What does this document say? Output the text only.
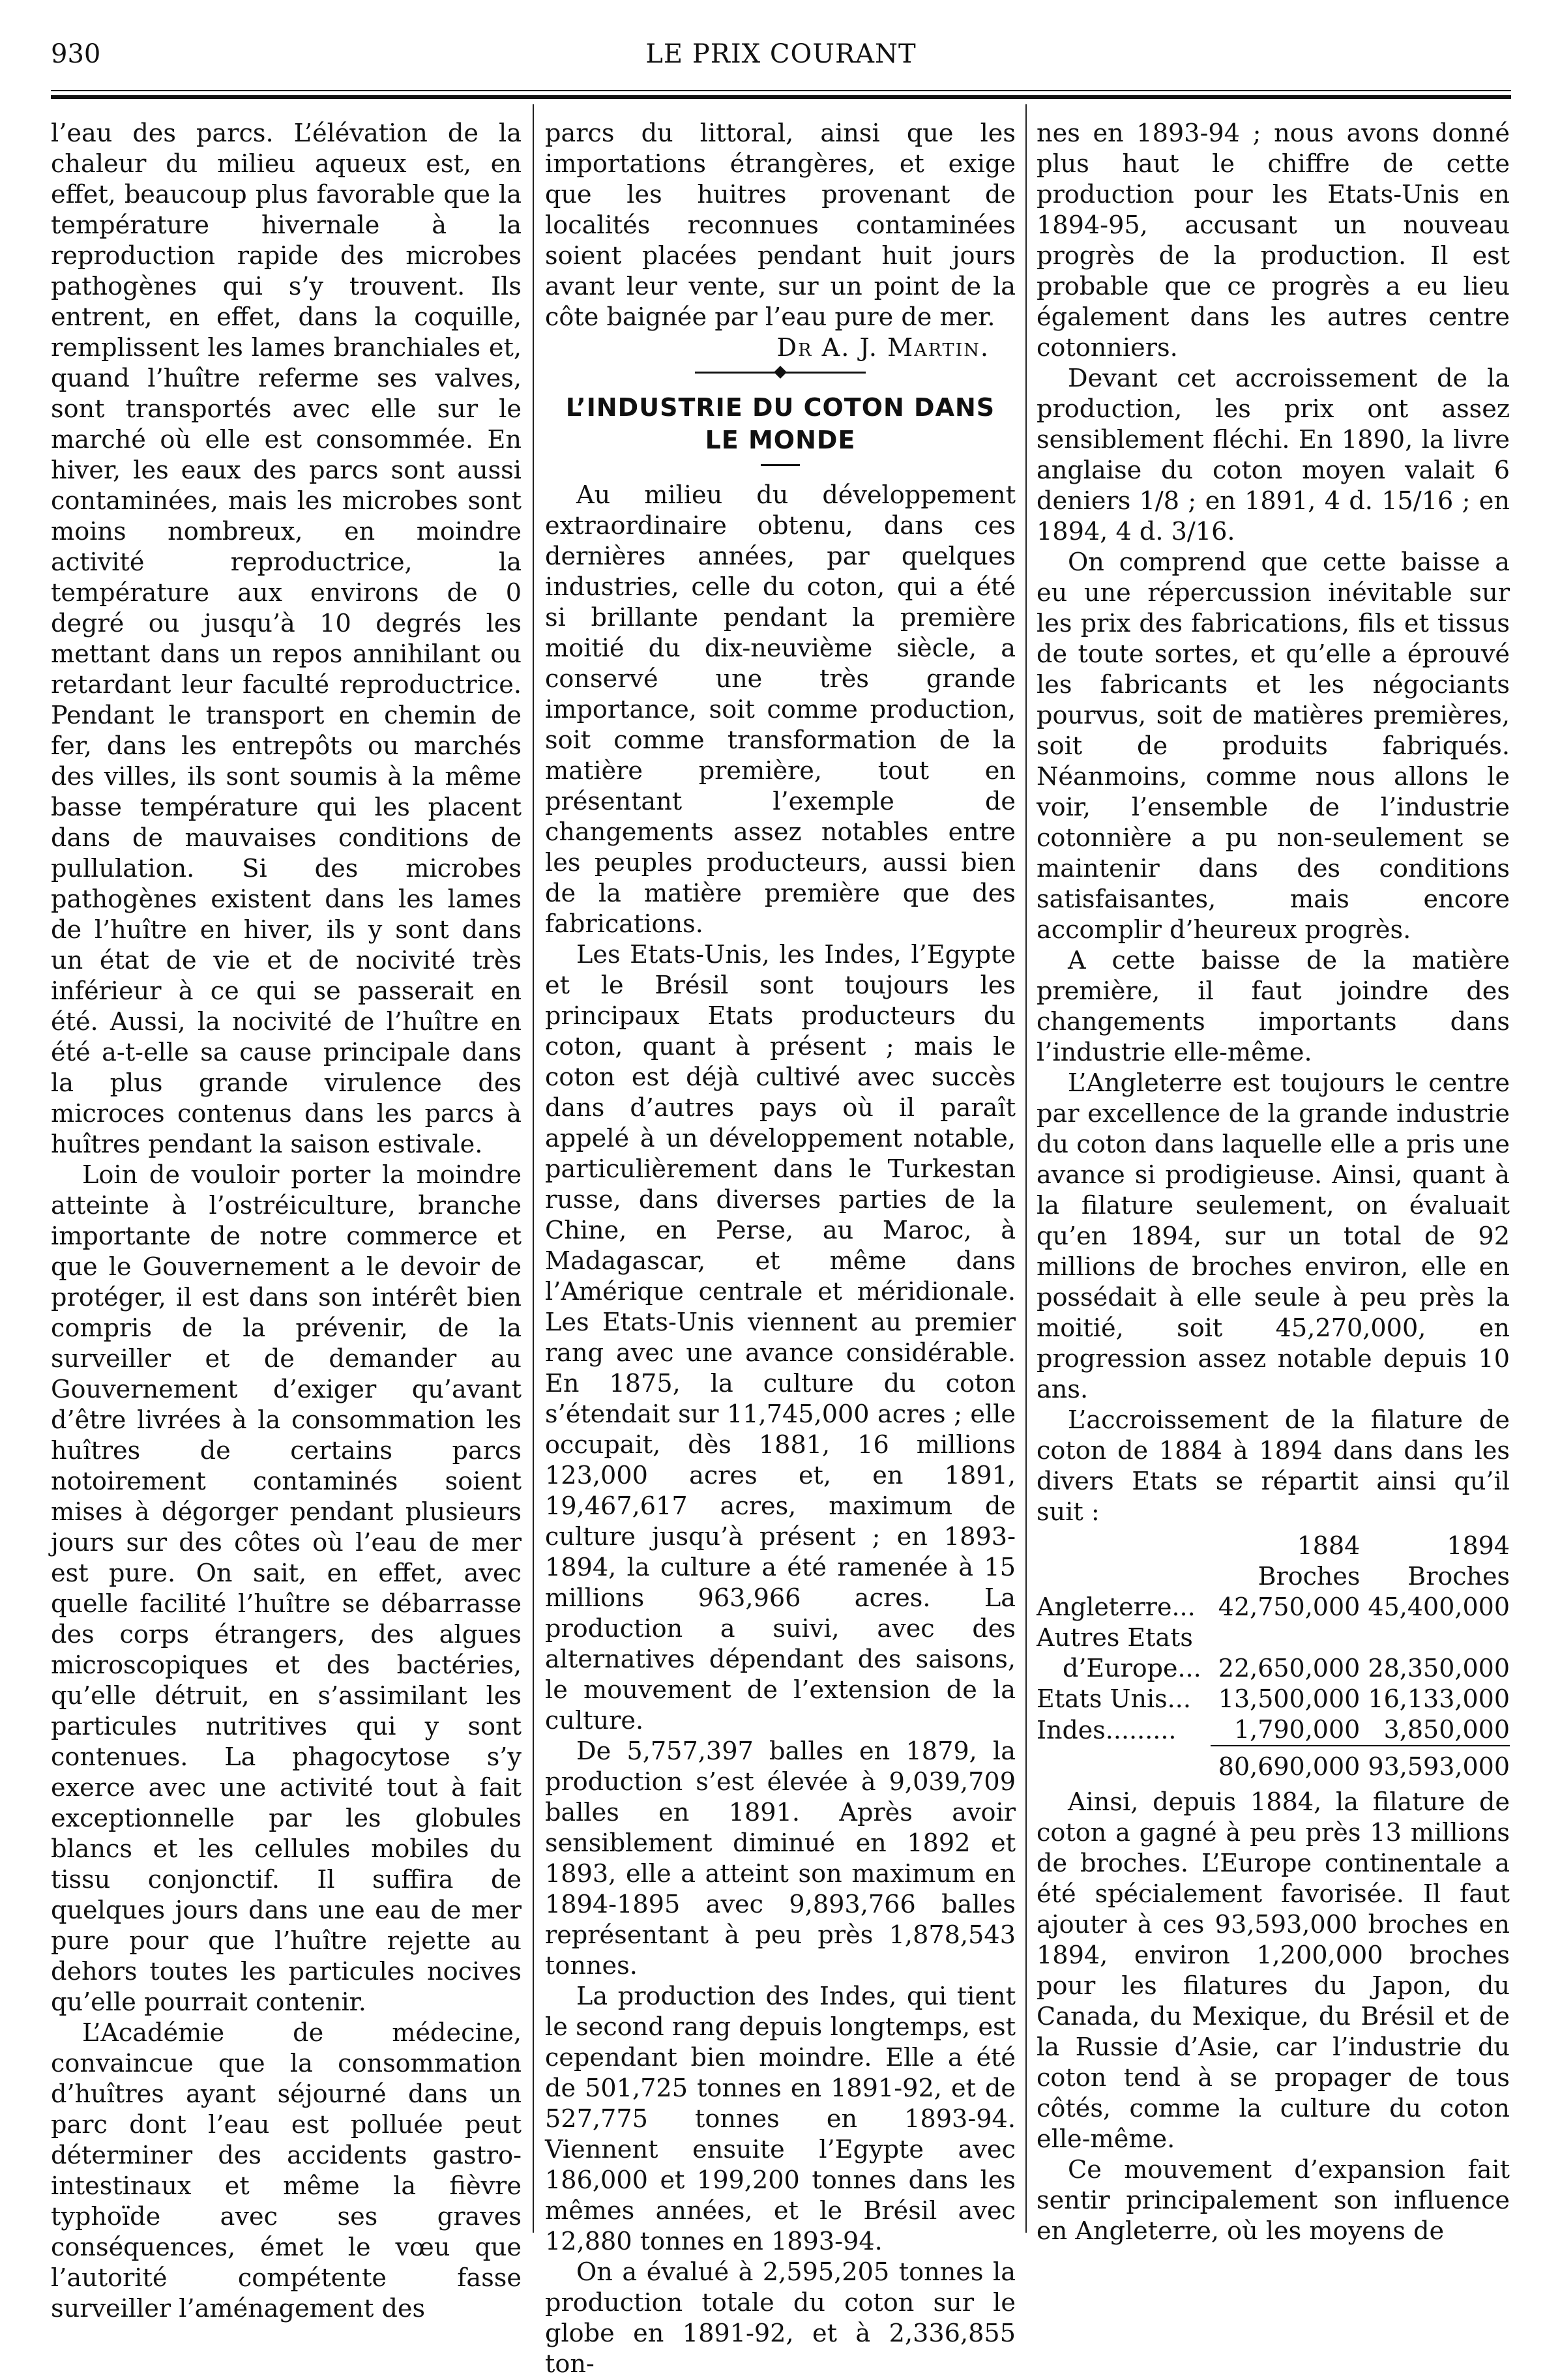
930	LE PRIX COURANT

l’eau des parcs. L’élévation de la chaleur du milieu aqueux est, en effet, beaucoup plus favorable que la température hivernale à la reproduction rapide des microbes pathogènes qui s’y trouvent. Ils entrent, en effet, dans la coquille, remplissent les lames branchiales et, quand l’huître referme ses valves, sont transportés avec elle sur le marché où elle est consommée. En hiver, les eaux des parcs sont aussi contaminées, mais les microbes sont moins nombreux, en moindre activité reproductrice, la température aux environs de 0 degré ou jusqu’à 10 degrés les mettant dans un repos annihilant ou retardant leur faculté reproductrice. Pendant le transport en chemin de fer, dans les entrepôts ou marchés des villes, ils sont soumis à la même basse température qui les placent dans de mauvaises conditions de pullulation. Si des microbes pathogènes existent dans les lames de l’huître en hiver, ils y sont dans un état de vie et de nocivité très inférieur à ce qui se passerait en été. Aussi, la nocivité de l’huître en été a-t-elle sa cause principale dans la plus grande virulence des microces contenus dans les parcs à huîtres pendant la saison estivale.

Loin de vouloir porter la moindre atteinte à l’ostréiculture, branche importante de notre commerce et que le Gouvernement a le devoir de protéger, il est dans son intérêt bien compris de la prévenir, de la surveiller et de demander au Gouvernement d’exiger qu’avant d’être livrées à la consommation les huîtres de certains parcs notoirement contaminés soient mises à dégorger pendant plusieurs jours sur des côtes où l’eau de mer est pure. On sait, en effet, avec quelle facilité l’huître se débarrasse des corps étrangers, des algues microscopiques et des bactéries, qu’elle détruit, en s’assimilant les particules nutritives qui y sont contenues. La phagocytose s’y exerce avec une activité tout à fait exceptionnelle par les globules blancs et les cellules mobiles du tissu conjonctif. Il suffira de quelques jours dans une eau de mer pure pour que l’huître rejette au dehors toutes les particules nocives qu’elle pourrait contenir.

L’Académie de médecine, convaincue que la consommation d’huîtres ayant séjourné dans un parc dont l’eau est polluée peut déterminer des accidents gastro-intestinaux et même la fièvre typhoïde avec ses graves conséquences, émet le vœu que l’autorité compétente fasse surveiller l’aménagement des

parcs du littoral, ainsi que les importations étrangères, et exige que les huitres provenant de localités reconnues contaminées soient placées pendant huit jours avant leur vente, sur un point de la côte baignée par l’eau pure de mer.

Dr A. J. Martin.

L’INDUSTRIE DU COTON DANS LE MONDE

Au milieu du développement extraordinaire obtenu, dans ces dernières années, par quelques industries, celle du coton, qui a été si brillante pendant la première moitié du dix-neuvième siècle, a conservé une très grande importance, soit comme production, soit comme transformation de la matière première, tout en présentant l’exemple de changements assez notables entre les peuples producteurs, aussi bien de la matière première que des fabrications.

Les Etats-Unis, les Indes, l’Egypte et le Brésil sont toujours les principaux Etats producteurs du coton, quant à présent ; mais le coton est déjà cultivé avec succès dans d’autres pays où il paraît appelé à un développement notable, particulièrement dans le Turkestan russe, dans diverses parties de la Chine, en Perse, au Maroc, à Madagascar, et même dans l’Amérique centrale et méridionale. Les Etats-Unis viennent au premier rang avec une avance considérable. En 1875, la culture du coton s’étendait sur 11,745,000 acres ; elle occupait, dès 1881, 16 millions 123,000 acres et, en 1891, 19,467,617 acres, maximum de culture jusqu’à présent ; en 1893-1894, la culture a été ramenée à 15 millions 963,966 acres. La production a suivi, avec des alternatives dépendant des saisons, le mouvement de l’extension de la culture.

De 5,757,397 balles en 1879, la production s’est élevée à 9,039,709 balles en 1891. Après avoir sensiblement diminué en 1892 et 1893, elle a atteint son maximum en 1894-1895 avec 9,893,766 balles représentant à peu près 1,878,543 tonnes.

La production des Indes, qui tient le second rang depuis longtemps, est cependant bien moindre. Elle a été de 501,725 tonnes en 1891-92, et de 527,775 tonnes en 1893-94. Viennent ensuite l’Egypte avec 186,000 et 199,200 tonnes dans les mêmes années, et le Brésil avec 12,880 tonnes en 1893-94.

On a évalué à 2,595,205 tonnes la production totale du coton sur le globe en 1891-92, et à 2,336,855 ton-

nes en 1893-94 ; nous avons donné plus haut le chiffre de cette production pour les Etats-Unis en 1894-95, accusant un nouveau progrès de la production. Il est probable que ce progrès a eu lieu également dans les autres centre cotonniers.

Devant cet accroissement de la production, les prix ont assez sensiblement fléchi. En 1890, la livre anglaise du coton moyen valait 6 deniers 1/8 ; en 1891, 4 d. 15/16 ; en 1894, 4 d. 3/16.

On comprend que cette baisse a eu une répercussion inévitable sur les prix des fabrications, fils et tissus de toute sortes, et qu’elle a éprouvé les fabricants et les négociants pourvus, soit de matières premières, soit de produits fabriqués. Néanmoins, comme nous allons le voir, l’ensemble de l’industrie cotonnière a pu non-seulement se maintenir dans des conditions satisfaisantes, mais encore accomplir d’heureux progrès.

A cette baisse de la matière première, il faut joindre des changements importants dans l’industrie elle-même.

L’Angleterre est toujours le centre par excellence de la grande industrie du coton dans laquelle elle a pris une avance si prodigieuse. Ainsi, quant à la filature seulement, on évaluait qu’en 1894, sur un total de 92 millions de broches environ, elle en possédait à elle seule à peu près la moitié, soit 45,270,000, en progression assez notable depuis 10 ans.

L’accroissement de la filature de coton de 1884 à 1894 dans dans les divers Etats se répartit ainsi qu’il suit :

	1884	1894
	Broches	Broches
Angleterre...	42,750,000	45,400,000
Autres Etats		
d’Europe...	22,650,000	28,350,000
Etats Unis...	13,500,000	16,133,000
Indes.........	1,790,000	3,850,000
	80,690,000	93,593,000

Ainsi, depuis 1884, la filature de coton a gagné à peu près 13 millions de broches. L’Europe continentale a été spécialement favorisée. Il faut ajouter à ces 93,593,000 broches en 1894, environ 1,200,000 broches pour les filatures du Japon, du Canada, du Mexique, du Brésil et de la Russie d’Asie, car l’industrie du coton tend à se propager de tous côtés, comme la culture du coton elle-même.

Ce mouvement d’expansion fait sentir principalement son influence en Angleterre, où les moyens de
